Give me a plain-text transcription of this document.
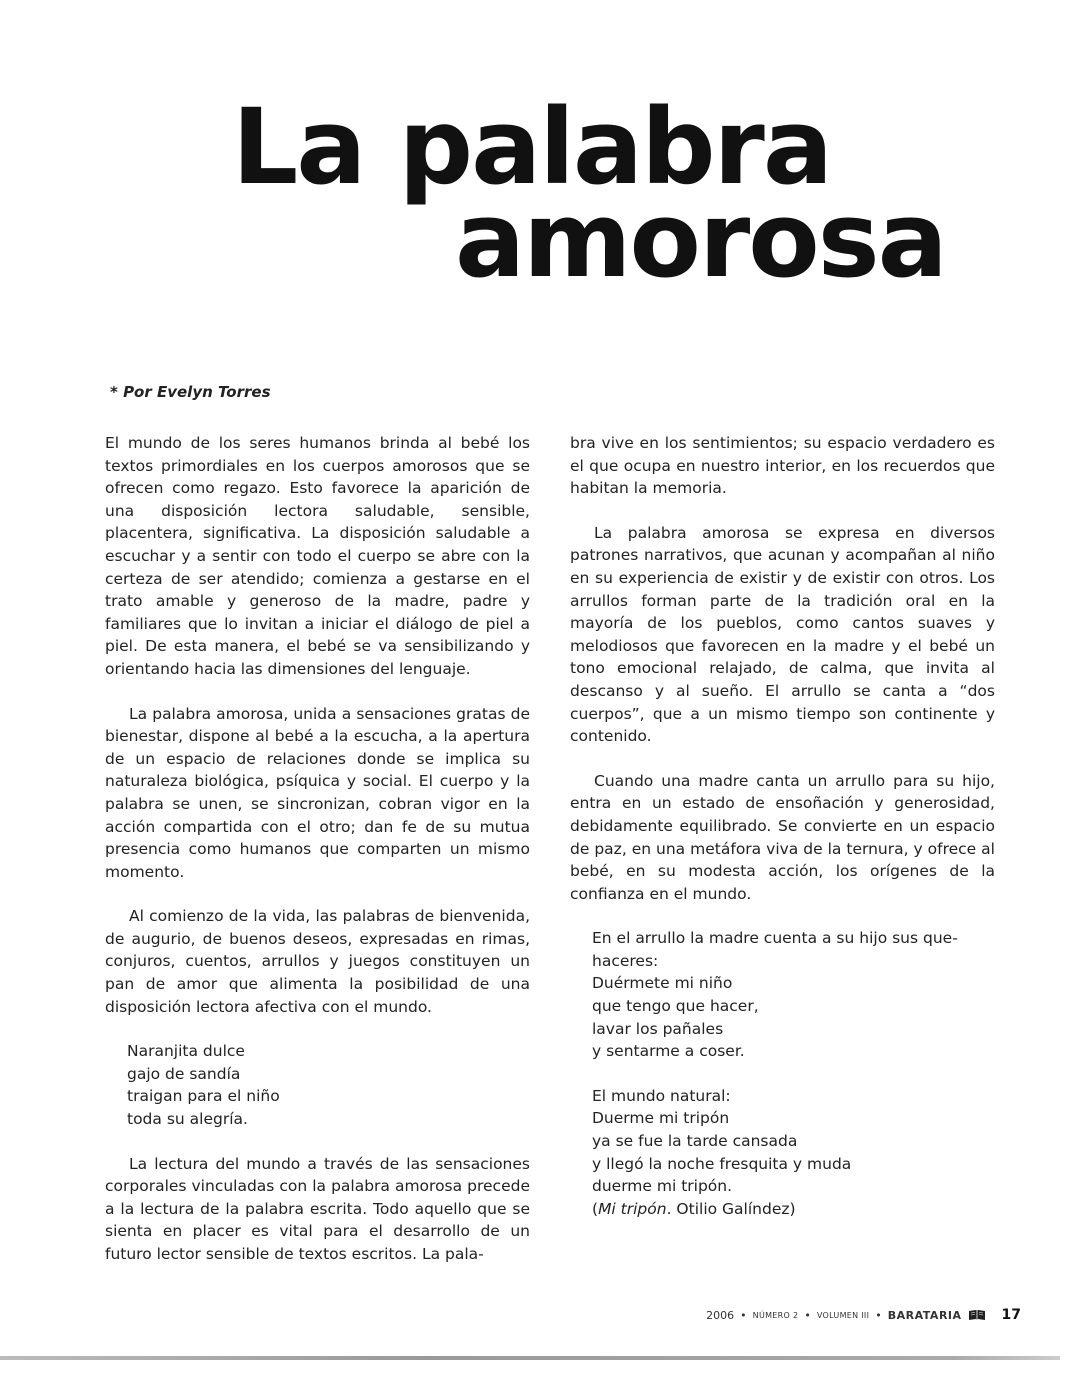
La palabra
amorosa
* Por Evelyn Torres

El mundo de los seres humanos brinda al bebé los textos primordiales en los cuerpos amorosos que se ofrecen como regazo. Esto favorece la aparición de una disposición lectora saludable, sensible, placentera, significativa. La disposición saludable a escuchar y a sentir con todo el cuerpo se abre con la certeza de ser atendido; comienza a gestarse en el trato amable y generoso de la madre, padre y familiares que lo invitan a iniciar el diálogo de piel a piel. De esta manera, el bebé se va sensibilizando y orientando hacia las dimensiones del lenguaje.

La palabra amorosa, unida a sensaciones gratas de bienestar, dispone al bebé a la escucha, a la apertura de un espacio de relaciones donde se implica su naturaleza biológica, psíquica y social. El cuerpo y la palabra se unen, se sincronizan, cobran vigor en la acción compartida con el otro; dan fe de su mutua presencia como humanos que comparten un mismo momento.

Al comienzo de la vida, las palabras de bienvenida, de augurio, de buenos deseos, expresadas en rimas, conjuros, cuentos, arrullos y juegos constituyen un pan de amor que alimenta la posibilidad de una disposición lectora afectiva con el mundo.

Naranjita dulce
gajo de sandía
traigan para el niño
toda su alegría.

La lectura del mundo a través de las sensaciones corporales vinculadas con la palabra amorosa precede a la lectura de la palabra escrita. Todo aquello que se sienta en placer es vital para el desarrollo de un futuro lector sensible de textos escritos. La pala-

bra vive en los sentimientos; su espacio verdadero es el que ocupa en nuestro interior, en los recuerdos que habitan la memoria.

La palabra amorosa se expresa en diversos patrones narrativos, que acunan y acompañan al niño en su experiencia de existir y de existir con otros. Los arrullos forman parte de la tradición oral en la mayoría de los pueblos, como cantos suaves y melodiosos que favorecen en la madre y el bebé un tono emocional relajado, de calma, que invita al descanso y al sueño. El arrullo se canta a “dos cuerpos”, que a un mismo tiempo son continente y contenido.

Cuando una madre canta un arrullo para su hijo, entra en un estado de ensoñación y generosidad, debidamente equilibrado. Se convierte en un espacio de paz, en una metáfora viva de la ternura, y ofrece al bebé, en su modesta acción, los orígenes de la confianza en el mundo.

En el arrullo la madre cuenta a su hijo sus que-
haceres:
Duérmete mi niño
que tengo que hacer,
lavar los pañales
y sentarme a coser.
El mundo natural:
Duerme mi tripón
ya se fue la tarde cansada
y llegó la noche fresquita y muda
duerme mi tripón.
(Mi tripón. Otilio Galíndez)
2006 • NÚMERO 2 • VOLUMEN III • BARATARIA	17
